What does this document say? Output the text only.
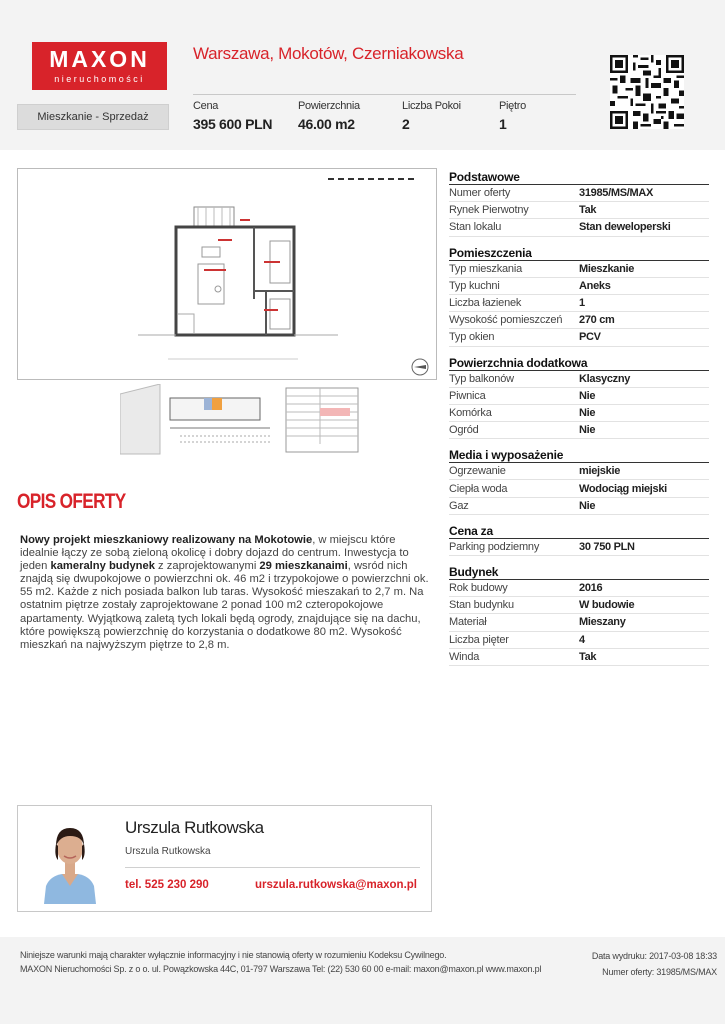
MAXON
nieruchomości
Warszawa, Mokotów, Czerniakowska
Mieszkanie - Sprzedaż
Cena
395 600 PLN
Powierzchnia
46.00 m2
Liczba Pokoi
2
Piętro
1
OPIS OFERTY
Nowy projekt mieszkaniowy realizowany na Mokotowie, w miejscu które idealnie łączy ze sobą zieloną okolicę i dobry dojazd do centrum. Inwestycja to jeden kameralny budynek z zaprojektowanymi 29 mieszkanaimi, wsród nich znajdą się dwupokojowe o powierzchni ok. 46 m2 i trzypokojowe o powierzchni ok. 55 m2. Każde z nich posiada balkon lub taras. Wysokość mieszakań to 2,7 m. Na ostatnim piętrze zostały zaprojektowane 2 ponad 100 m2 czteropokojowe apartamenty. Wyjątkową zaletą tych lokali będą ogrody, znajdujące się na dachu, które powiększą powierzchnię do korzystania o dodatkowe 80 m2. Wysokość mieszkań na najwyższym piętrze to 2,8 m.
Podstawowe
Numer oferty	31985/MS/MAX
Rynek Pierwotny	Tak
Stan lokalu	Stan deweloperski
Pomieszczenia
Typ mieszkania	Mieszkanie
Typ kuchni	Aneks
Liczba łazienek	1
Wysokość pomieszczeń	270 cm
Typ okien	PCV
Powierzchnia dodatkowa
Typ balkonów	Klasyczny
Piwnica	Nie
Komórka	Nie
Ogród	Nie
Media i wyposażenie
Ogrzewanie	miejskie
Ciepła woda	Wodociąg miejski
Gaz	Nie
Cena za
Parking podziemny	30 750 PLN
Budynek
Rok budowy	2016
Stan budynku	W budowie
Materiał	Mieszany
Liczba pięter	4
Winda	Tak
Urszula Rutkowska
Urszula Rutkowska
tel. 525 230 290	urszula.rutkowska@maxon.pl
Niniejsze warunki mają charakter wyłącznie informacyjny i nie stanowią oferty w rozumieniu Kodeksu Cywilnego.
MAXON Nieruchomości Sp. z o o. ul. Powązkowska 44C, 01-797 Warszawa Tel: (22) 530 60 00 e-mail: maxon@maxon.pl www.maxon.pl
Data wydruku: 2017-03-08 18:33
Numer oferty: 31985/MS/MAX
